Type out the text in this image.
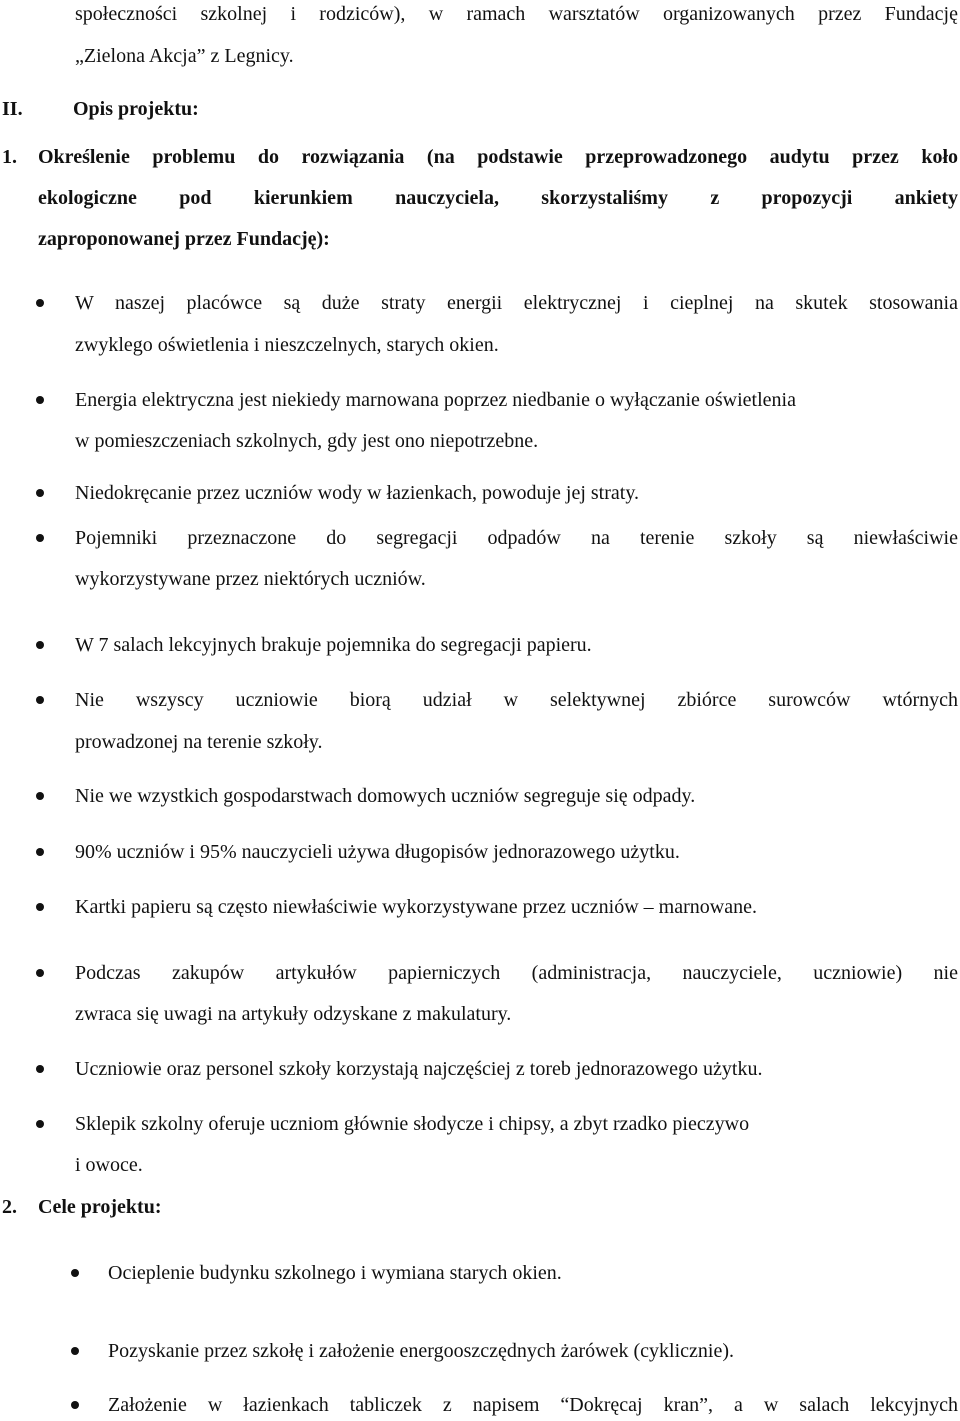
społeczności szkolnej i rodziców), w ramach warsztatów organizowanych przez Fundację
„Zielona Akcja” z Legnicy.
II.	Opis projektu:
1. Określenie problemu do rozwiązania (na podstawie przeprowadzonego audytu przez koło
ekologiczne pod kierunkiem nauczyciela, skorzystaliśmy z propozycji ankiety
zaproponowanej przez Fundację):
W naszej placówce są duże straty energii elektrycznej i cieplnej na skutek stosowania
zwyklego oświetlenia i nieszczelnych, starych okien.
Energia elektryczna jest niekiedy marnowana poprzez niedbanie o wyłączanie oświetlenia
w pomieszczeniach szkolnych, gdy jest ono niepotrzebne.
Niedokręcanie przez uczniów wody w łazienkach, powoduje jej straty.
Pojemniki przeznaczone do segregacji odpadów na terenie szkoły są niewłaściwie
wykorzystywane przez niektórych uczniów.
W 7 salach lekcyjnych brakuje pojemnika do segregacji papieru.
Nie wszyscy uczniowie biorą udział w selektywnej zbiórce surowców wtórnych
prowadzonej na terenie szkoły.
Nie we wzystkich gospodarstwach domowych uczniów segreguje się odpady.
90% uczniów i 95% nauczycieli używa długopisów jednorazowego użytku.
Kartki papieru są często niewłaściwie wykorzystywane przez uczniów – marnowane.
Podczas zakupów artykułów papierniczych (administracja, nauczyciele, uczniowie) nie
zwraca się uwagi na artykuły odzyskane z makulatury.
Uczniowie oraz personel szkoły korzystają najczęściej z toreb jednorazowego użytku.
Sklepik szkolny oferuje uczniom głównie słodycze i chipsy, a zbyt rzadko pieczywo
i owoce.
2. Cele projektu:
Ocieplenie budynku szkolnego i wymiana starych okien.
Pozyskanie przez szkołę i założenie energooszczędnych żarówek (cyklicznie).
Założenie w łazienkach tabliczek z napisem “Dokręcaj kran”, a w salach lekcyjnych
